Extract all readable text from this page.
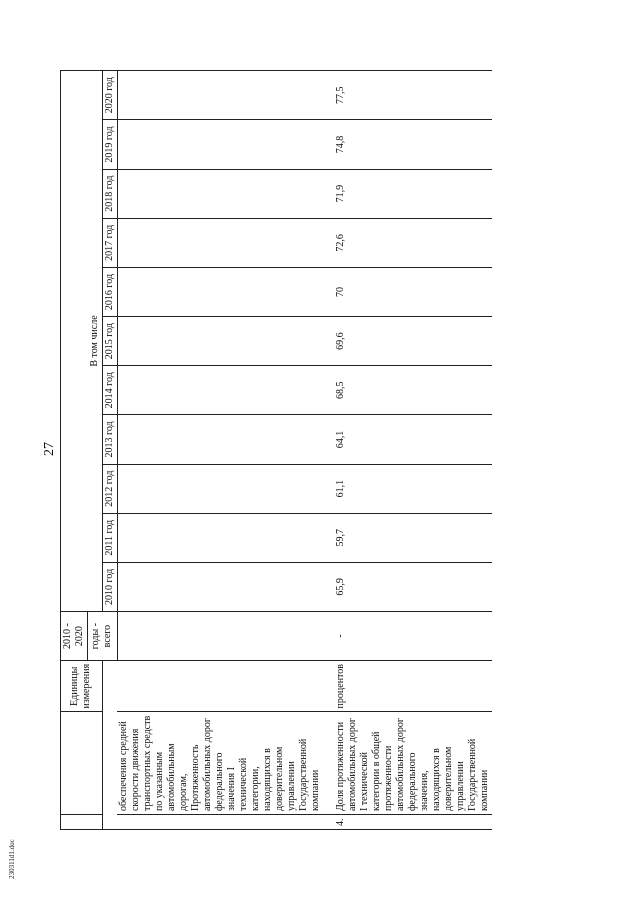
27
230311d1.doc
		Единицы измерения	2010 - 2020											
			годы - всего	В том числе										
				2010 год	2011 год	2012 год	2013 год	2014 год	2015 год	2016 год	2017 год	2018 год	2019 год	2020 год
	обеспечения средней скорости движения транспортных средств по указанным автомобильным дорогам, Протяженность автомобильных дорог федерального значения I технической категории, находящихся в доверительном управлении Государственной компании													
4.	Доля протяженности автомобильных дорог I технической категории в общей протяженности автомобильных дорог федерального значения, находящихся в доверительном управлении Государственной компании	процентов	-	65,9	59,7	61,1	64,1	68,5	69,6	70	72,6	71,9	74,8	77,5
